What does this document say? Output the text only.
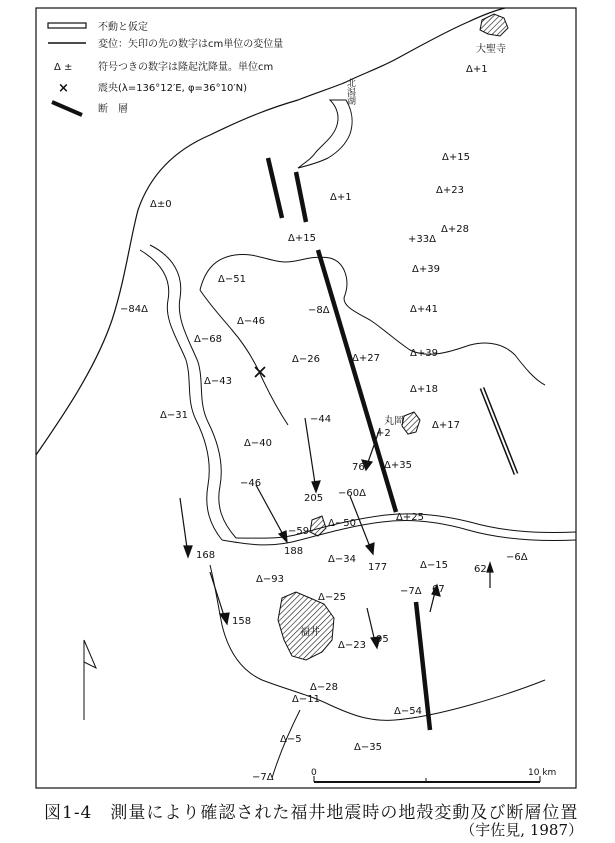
0	10 km
不動と仮定
変位：矢印の先の数字はcm単位の変位量
Δ ±	符号つきの数字は隆起沈降量。単位cm
×	震央(λ=136°12′E, φ=36°10′N)
断　層
大聖寺
北潟湖
丸岡
福井
Δ+1
Δ+15
Δ+23
Δ±0
Δ+1
Δ+28
+33Δ
Δ+15
Δ+39
Δ−51
−84Δ	−8Δ	Δ+41
Δ−46
Δ−68
Δ+39
Δ−26	Δ+27
Δ−43
Δ+18
Δ−31
Δ+17
Δ−40
Δ+35
−60Δ
Δ+25
Δ−50
Δ−34
Δ−15
−6Δ
Δ−93
−7Δ
Δ−25
Δ−23
Δ−28
Δ−11
Δ−54
Δ−5
Δ−35
−7Δ
−44
205
+2
76
−46
−59
188
168
177
158
95
67
62
図1-4　測量により確認された福井地震時の地殻変動及び断層位置
（宇佐見, 1987）
